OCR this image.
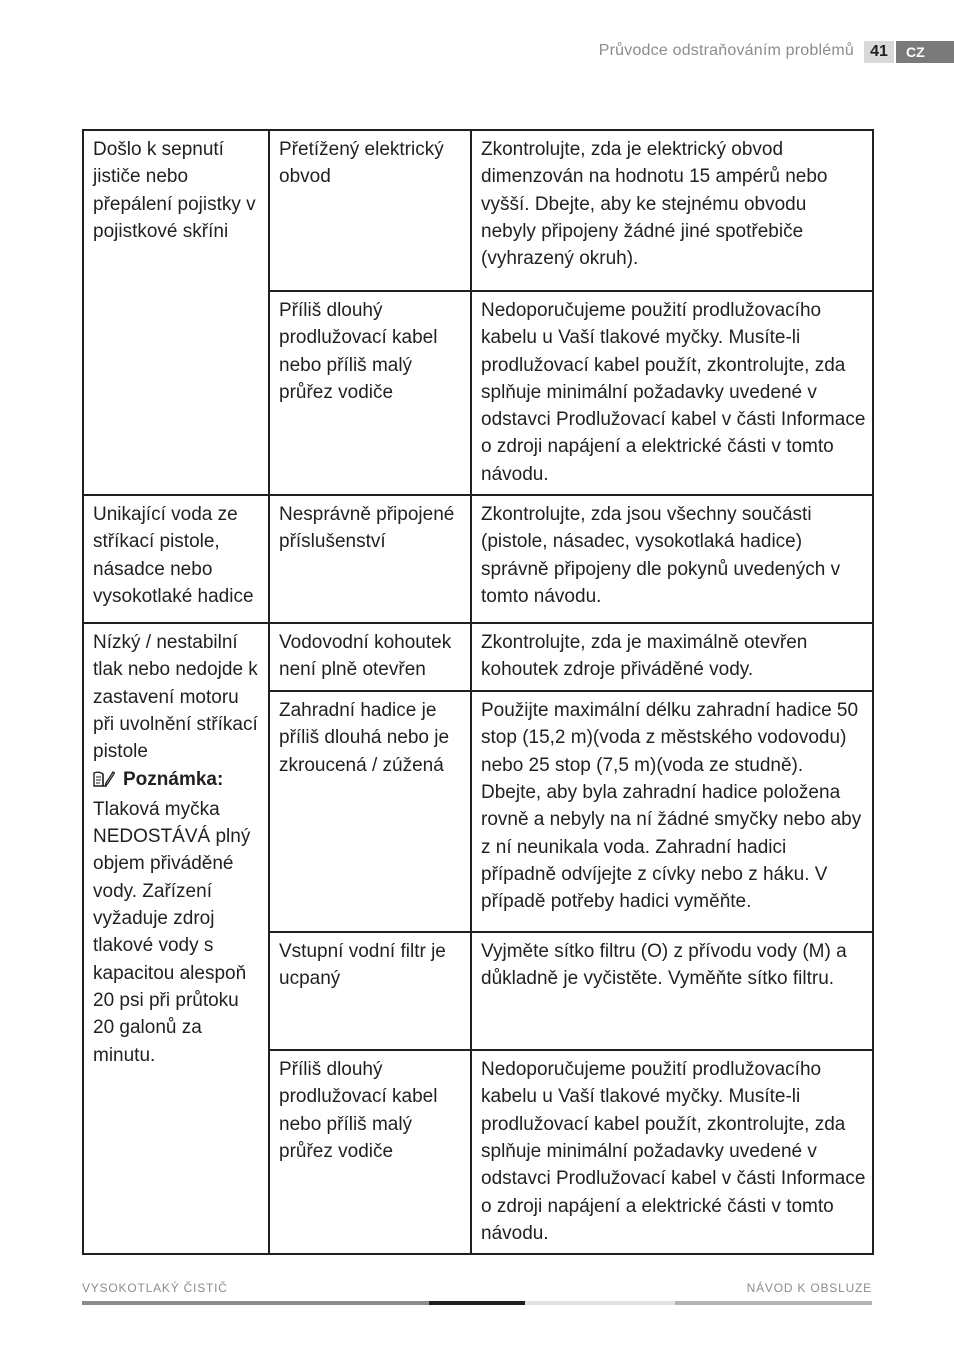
Průvodce odstraňováním problémů	41	CZ
Došlo k sepnutí jističe nebo přepálení pojistky v pojistkové skříni	Přetížený elektrický obvod	Zkontrolujte, zda je elektrický obvod dimenzován na hodnotu 15 ampérů nebo vyšší. Dbejte, aby ke stejnému obvodu nebyly připojeny žádné jiné spotřebiče (vyhrazený okruh).
	Příliš dlouhý prodlužovací kabel nebo příliš malý průřez vodiče	Nedoporučujeme použití prodlužovacího kabelu u Vaší tlakové myčky. Musíte-li prodlužovací kabel použít, zkontrolujte, zda splňuje minimální požadavky uvedené v odstavci Prodlužovací kabel v části Informace o zdroji napájení a elektrické části v tomto návodu.
Unikající voda ze stříkací pistole, násadce nebo vysokotlaké hadice	Nesprávně připojené příslušenství	Zkontrolujte, zda jsou všechny součásti (pistole, násadec, vysokotlaká hadice) správně připojeny dle pokynů uvedených v tomto návodu.
Nízký / nestabilní tlak nebo nedojde k zastavení motoru při uvolnění stříkací pistole
Poznámka:
Tlaková myčka NEDOSTÁVÁ plný objem přiváděné vody. Zařízení vyžaduje zdroj tlakové vody s kapacitou alespoň 20 psi při průtoku 20 galonů za minutu.	Vodovodní kohoutek není plně otevřen	Zkontrolujte, zda je maximálně otevřen kohoutek zdroje přiváděné vody.
	Zahradní hadice je příliš dlouhá nebo je zkroucená / zúžená	Použijte maximální délku zahradní hadice 50 stop (15,2 m)(voda z městského vodovodu) nebo 25 stop (7,5 m)(voda ze studně). Dbejte, aby byla zahradní hadice položena rovně a nebyly na ní žádné smyčky nebo aby z ní neunikala voda. Zahradní hadici případně odvíjejte z cívky nebo z háku. V případě potřeby hadici vyměňte.
	Vstupní vodní filtr je ucpaný	Vyjměte sítko filtru (O) z přívodu vody (M) a důkladně je vyčistěte. Vyměňte sítko filtru.
	Příliš dlouhý prodlužovací kabel nebo příliš malý průřez vodiče	Nedoporučujeme použití prodlužovacího kabelu u Vaší tlakové myčky. Musíte-li prodlužovací kabel použít, zkontrolujte, zda splňuje minimální požadavky uvedené v odstavci Prodlužovací kabel v části Informace o zdroji napájení a elektrické části v tomto návodu.
VYSOKOTLAKÝ ČISTIČ	NÁVOD K OBSLUZE
